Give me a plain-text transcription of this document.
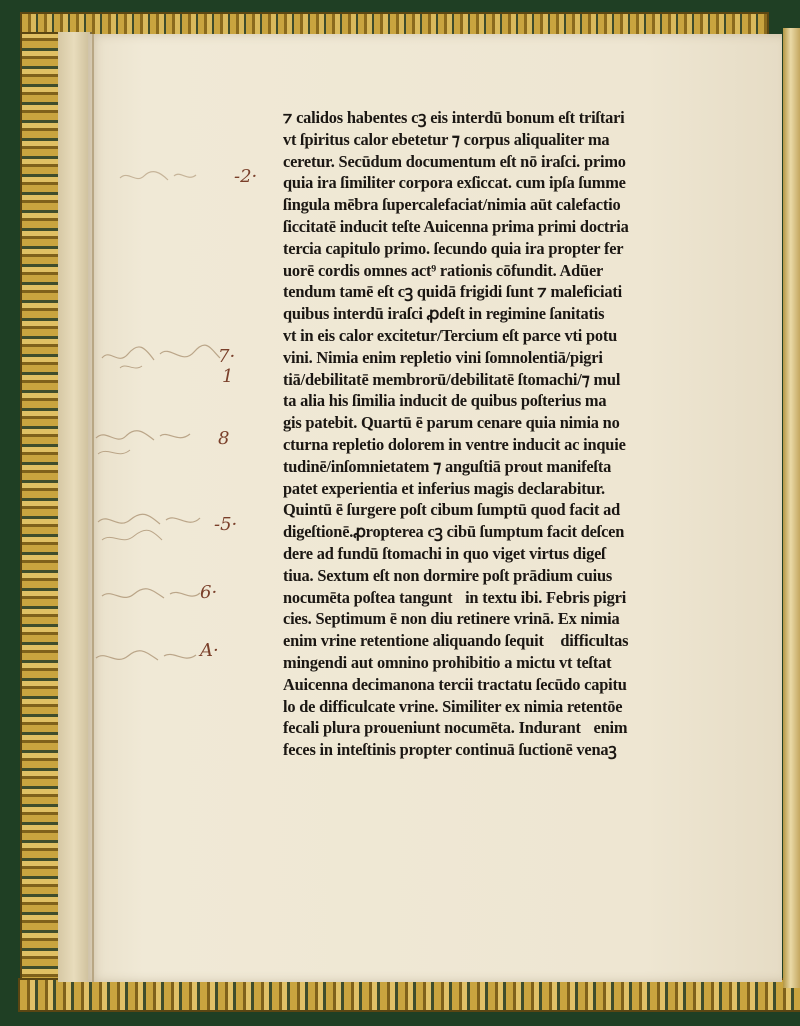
-2·
7·
1
8
-5·
6·
A·
⁊ calidos habentes cꝫ eis interdū bonum eſt triſtari
vt ſpiritus calor ebetetur ⁊ corpus aliqualiter ma
ceretur. Secūdum documentum eſt nō iraſci. primo
quia ira ſimiliter corpora exſiccat. cum ipſa ſumme
ſingula mēbra ſupercalefaciat/nimia aūt calefactio
ſiccitatē inducit teſte Auicenna prima primi doctria
tercia capitulo primo. ſecundo quia ira propter fer
uorē cordis omnes act⁹ rationis cōfundit. Adūer
tendum tamē eſt cꝫ quidā frigidi ſunt ⁊ maleficiati
quibus interdū iraſci ꝓdeſt in regimine ſanitatis
vt in eis calor excitetur/Tercium eſt parce vti potu
vini. Nimia enim repletio vini ſomnolentiā/pigri
tiā/debilitatē membrorū/debilitatē ſtomachi/⁊ mul
ta alia his ſimilia inducit de quibus poſterius ma
gis patebit. Quartū ē parum cenare quia nimia no
cturna repletio dolorem in ventre inducit ac inquie
tudinē/inſomnietatem ⁊ anguſtiā prout manifeſta
patet experientia et inferius magis declarabitur.
Quintū ē ſurgere poſt cibum ſumptū quod facit ad
digeſtionē.ꝓropterea cꝫ cibū ſumptum facit deſcen
dere ad fundū ſtomachi in quo viget virtus digeſ
tiua. Sextum eſt non dormire poſt prādium cuius
nocumēta poſtea tanguntᷣin textu ibi. Febris pigri
cies. Septimum ē non diu retinere vrinā. Ex nimia
enim vrine retentione aliquando ſequitᷣ difficultas
mingendi aut omnino prohibitio a mictu vt teſtatᷣ
Auicenna decimanona tercii tractatu ſecūdo capitu
lo de difficulcate vrine. Similiter ex nimia retentōe
fecali plura proueniunt nocumēta. Indurantᷣenim
feces in inteſtinis propter continuā ſuctionē venaꝫ
